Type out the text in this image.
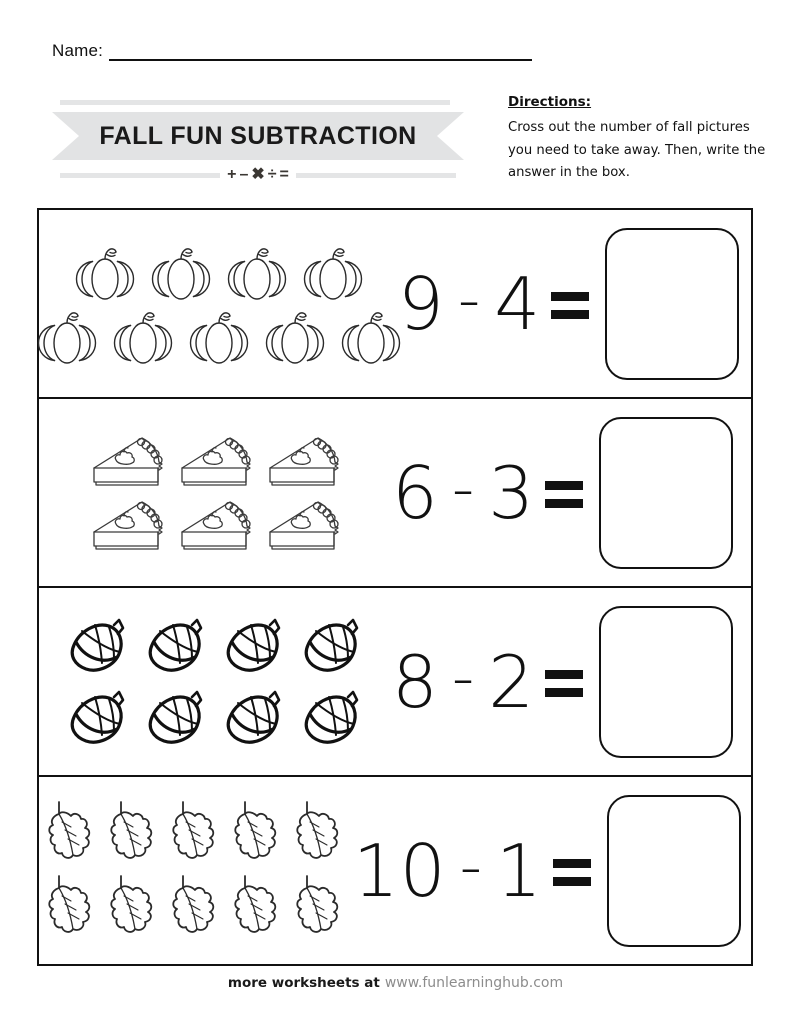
Name:
FALL FUN SUBTRACTION
+ – ✖ ÷ =
Directions:
Cross out the number of fall pictures you need to take away. Then, write the answer in the box.
9 - 4
6 - 3
8 - 2
10 - 1
more worksheets at www.funlearninghub.com
